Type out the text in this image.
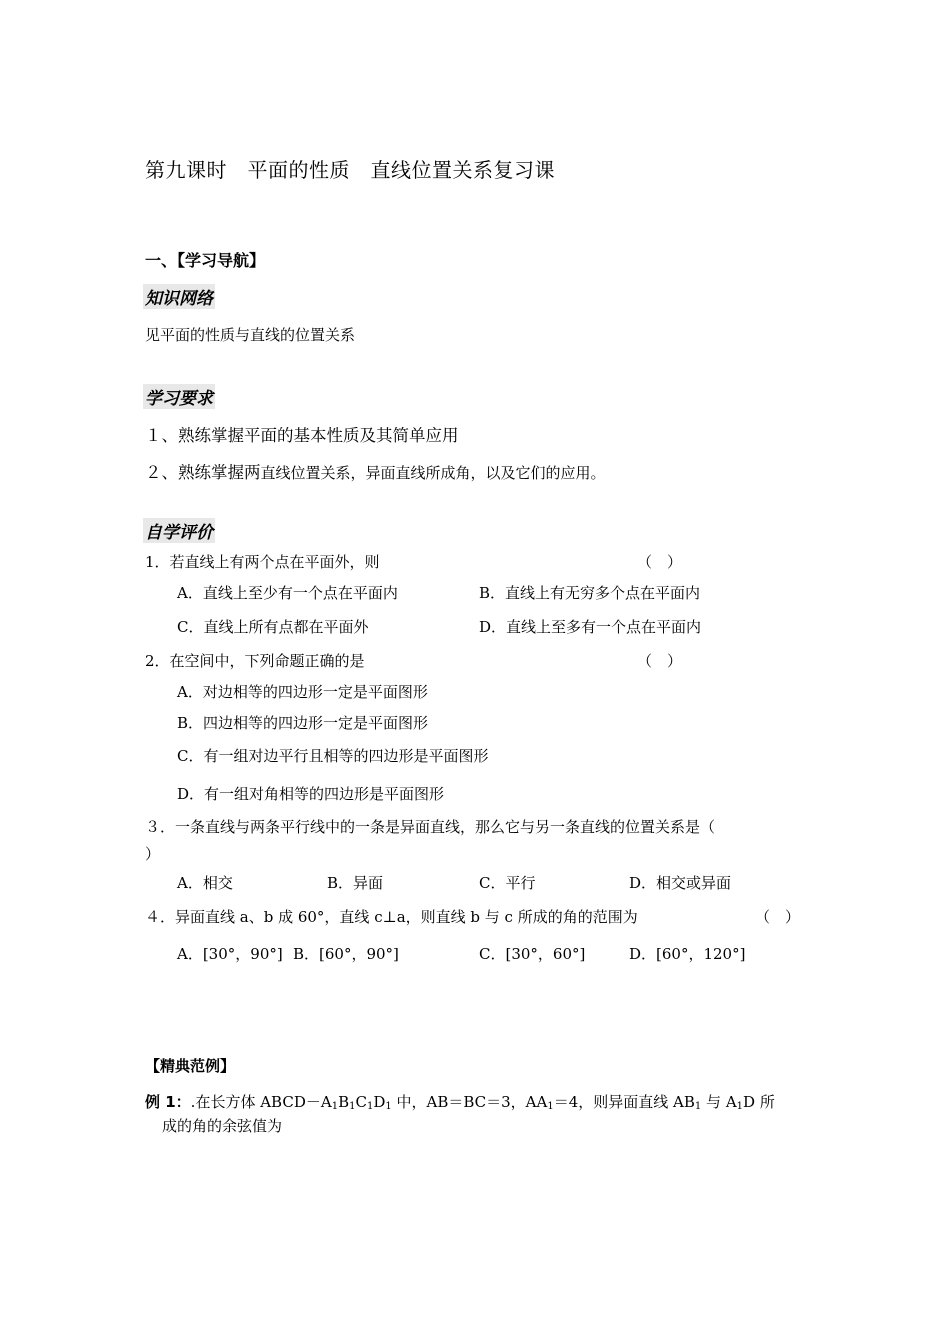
第九课时　平面的性质　直线位置关系复习课
一、【学习导航】
知识网络
见平面的性质与直线的位置关系
学习要求
１、熟练掌握平面的基本性质及其简单应用
２、熟练掌握两直线位置关系，异面直线所成角，以及它们的应用。
自学评价
1．若直线上有两个点在平面外，则	（　）
A．直线上至少有一个点在平面内	B．直线上有无穷多个点在平面内
C．直线上所有点都在平面外	D．直线上至多有一个点在平面内
2．在空间中，下列命题正确的是	（　）
A．对边相等的四边形一定是平面图形
B．四边相等的四边形一定是平面图形
C．有一组对边平行且相等的四边形是平面图形
D．有一组对角相等的四边形是平面图形
３．一条直线与两条平行线中的一条是异面直线，那么它与另一条直线的位置关系是（
）
A．相交	B．异面	C．平行	D．相交或异面
４．异面直线 a、b 成 60°，直线 c⊥a，则直线 b 与 c 所成的角的范围为	（　）
A．[30°，90°] B．[60°，90°]	C．[30°，60°]	D．[60°，120°]
【精典范例】
例 1：.在长方体 $ABCD-A_1B_1C_1D_1$ 中，AB＝BC＝3，$AA_1=4$，则异面直线 $AB_1$ 与 $A_1D$ 所
成的角的余弦值为
